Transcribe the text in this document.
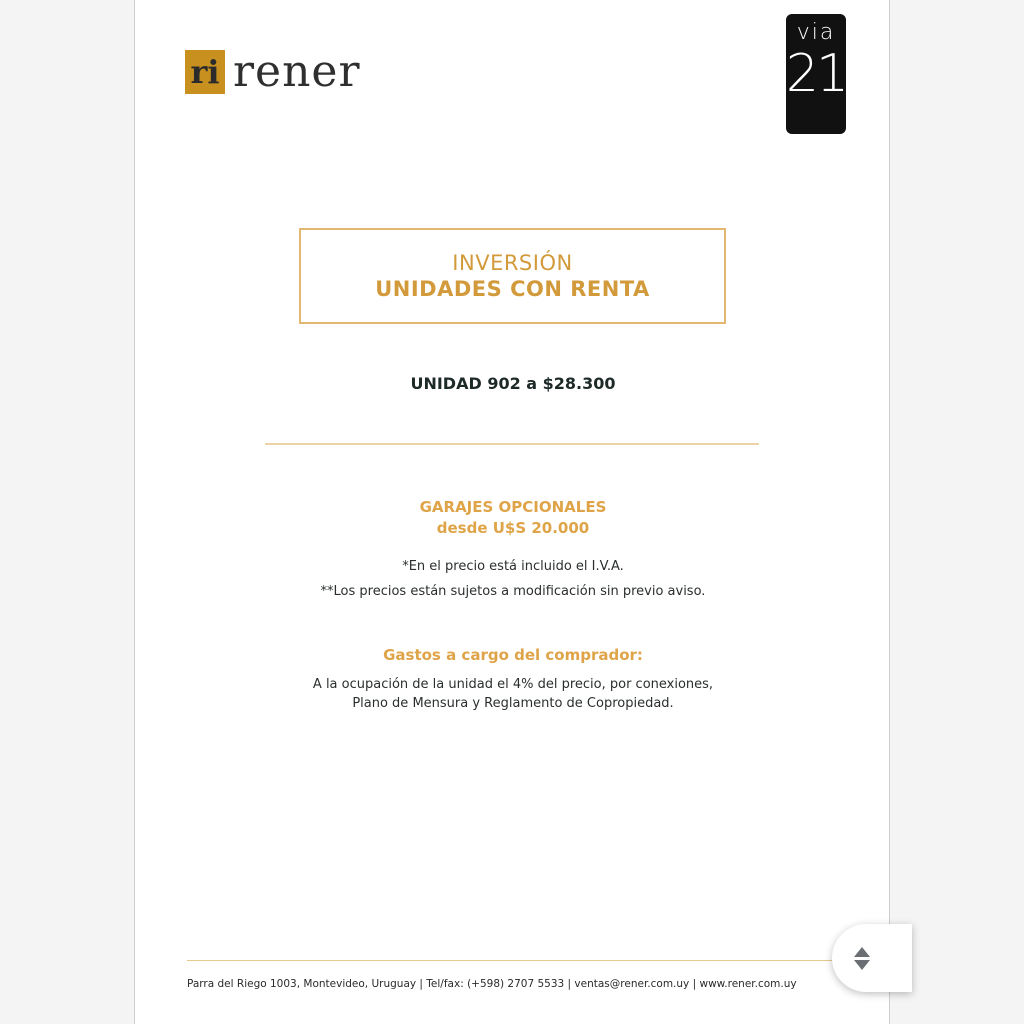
ri rener
via
21
INVERSIÓN
UNIDADES CON RENTA
UNIDAD 902 a $28.300
GARAJES OPCIONALES
desde U$S 20.000
*En el precio está incluido el I.V.A.
**Los precios están sujetos a modificación sin previo aviso.
Gastos a cargo del comprador:
A la ocupación de la unidad el 4% del precio, por conexiones,
Plano de Mensura y Reglamento de Copropiedad.
Parra del Riego 1003, Montevideo, Uruguay | Tel/fax: (+598) 2707 5533 | ventas@rener.com.uy | www.rener.com.uy
